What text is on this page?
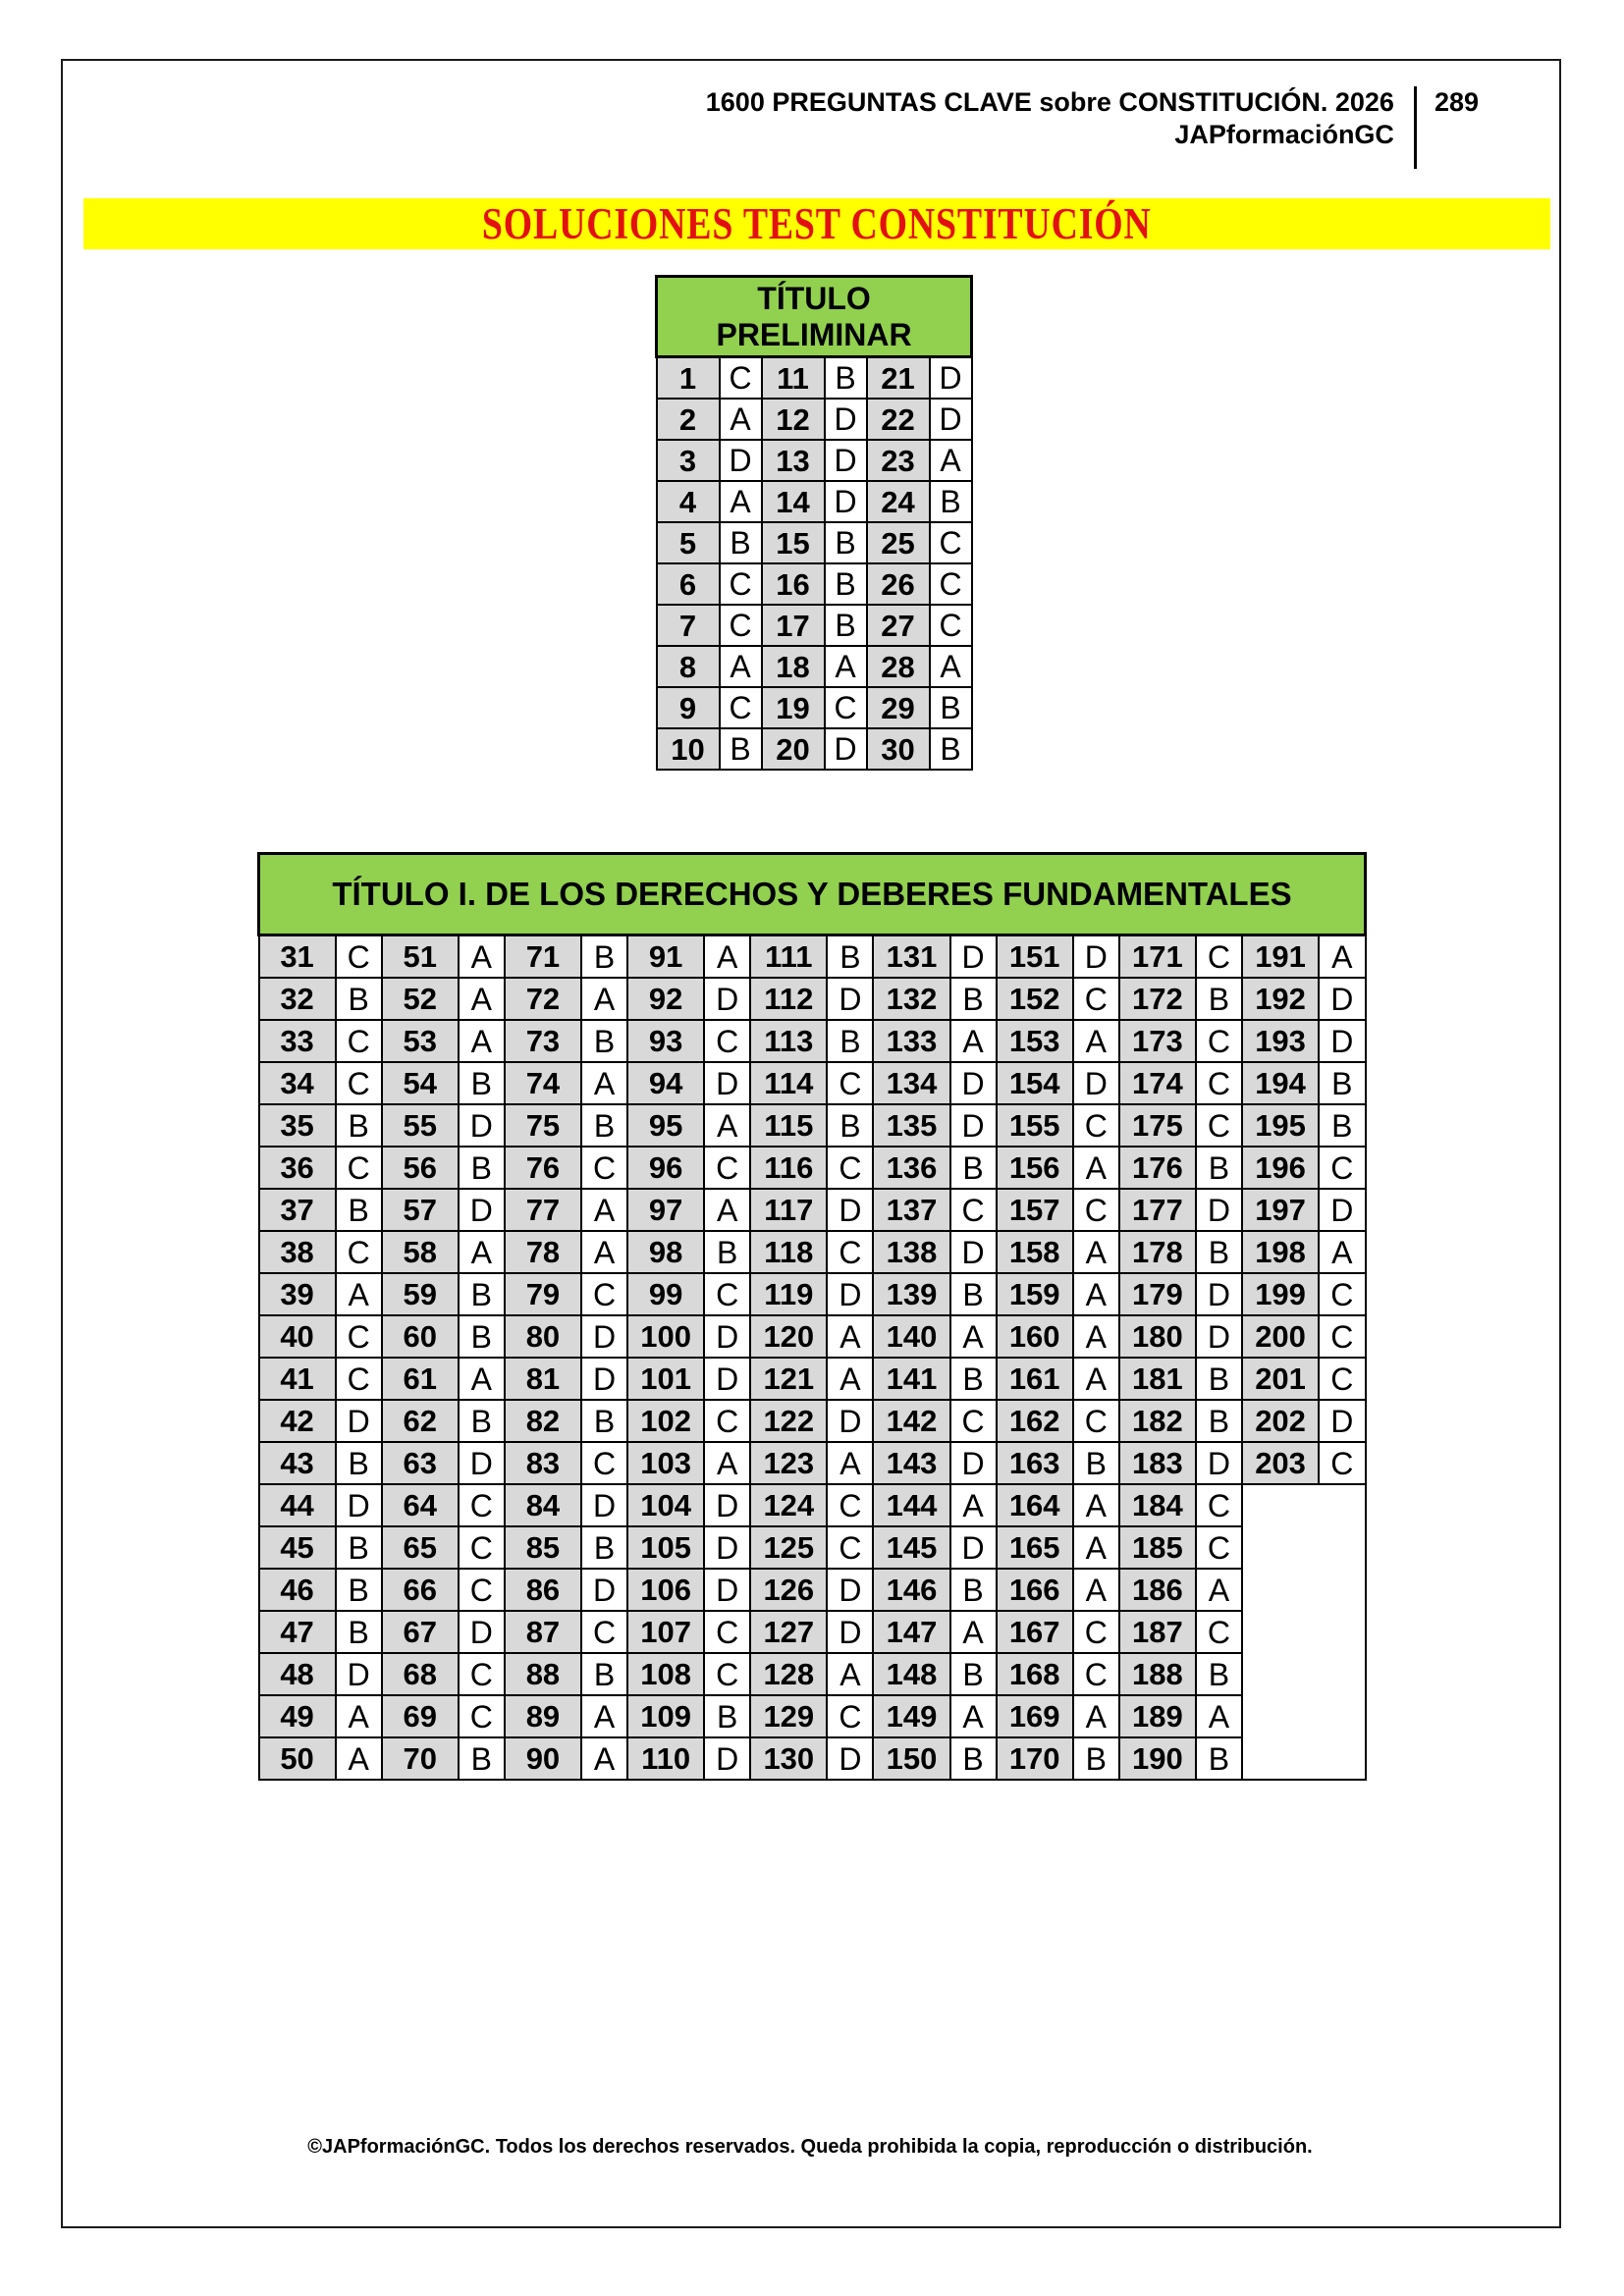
1600 PREGUNTAS CLAVE sobre CONSTITUCIÓN. 2026
JAPformaciónGC
289
SOLUCIONES TEST CONSTITUCIÓN
TÍTULO PRELIMINAR					
1	C	11	B	21	D
2	A	12	D	22	D
3	D	13	D	23	A
4	A	14	D	24	B
5	B	15	B	25	C
6	C	16	B	26	C
7	C	17	B	27	C
8	A	18	A	28	A
9	C	19	C	29	B
10	B	20	D	30	B
TÍTULO I. DE LOS DERECHOS Y DEBERES FUNDAMENTALES																	
31	C	51	A	71	B	91	A	111	B	131	D	151	D	171	C	191	A
32	B	52	A	72	A	92	D	112	D	132	B	152	C	172	B	192	D
33	C	53	A	73	B	93	C	113	B	133	A	153	A	173	C	193	D
34	C	54	B	74	A	94	D	114	C	134	D	154	D	174	C	194	B
35	B	55	D	75	B	95	A	115	B	135	D	155	C	175	C	195	B
36	C	56	B	76	C	96	C	116	C	136	B	156	A	176	B	196	C
37	B	57	D	77	A	97	A	117	D	137	C	157	C	177	D	197	D
38	C	58	A	78	A	98	B	118	C	138	D	158	A	178	B	198	A
39	A	59	B	79	C	99	C	119	D	139	B	159	A	179	D	199	C
40	C	60	B	80	D	100	D	120	A	140	A	160	A	180	D	200	C
41	C	61	A	81	D	101	D	121	A	141	B	161	A	181	B	201	C
42	D	62	B	82	B	102	C	122	D	142	C	162	C	182	B	202	D
43	B	63	D	83	C	103	A	123	A	143	D	163	B	183	D	203	C
44	D	64	C	84	D	104	D	124	C	144	A	164	A	184	C		
45	B	65	C	85	B	105	D	125	C	145	D	165	A	185	C		
46	B	66	C	86	D	106	D	126	D	146	B	166	A	186	A		
47	B	67	D	87	C	107	C	127	D	147	A	167	C	187	C		
48	D	68	C	88	B	108	C	128	A	148	B	168	C	188	B		
49	A	69	C	89	A	109	B	129	C	149	A	169	A	189	A		
50	A	70	B	90	A	110	D	130	D	150	B	170	B	190	B		
©JAPformaciónGC. Todos los derechos reservados. Queda prohibida la copia, reproducción o distribución.
